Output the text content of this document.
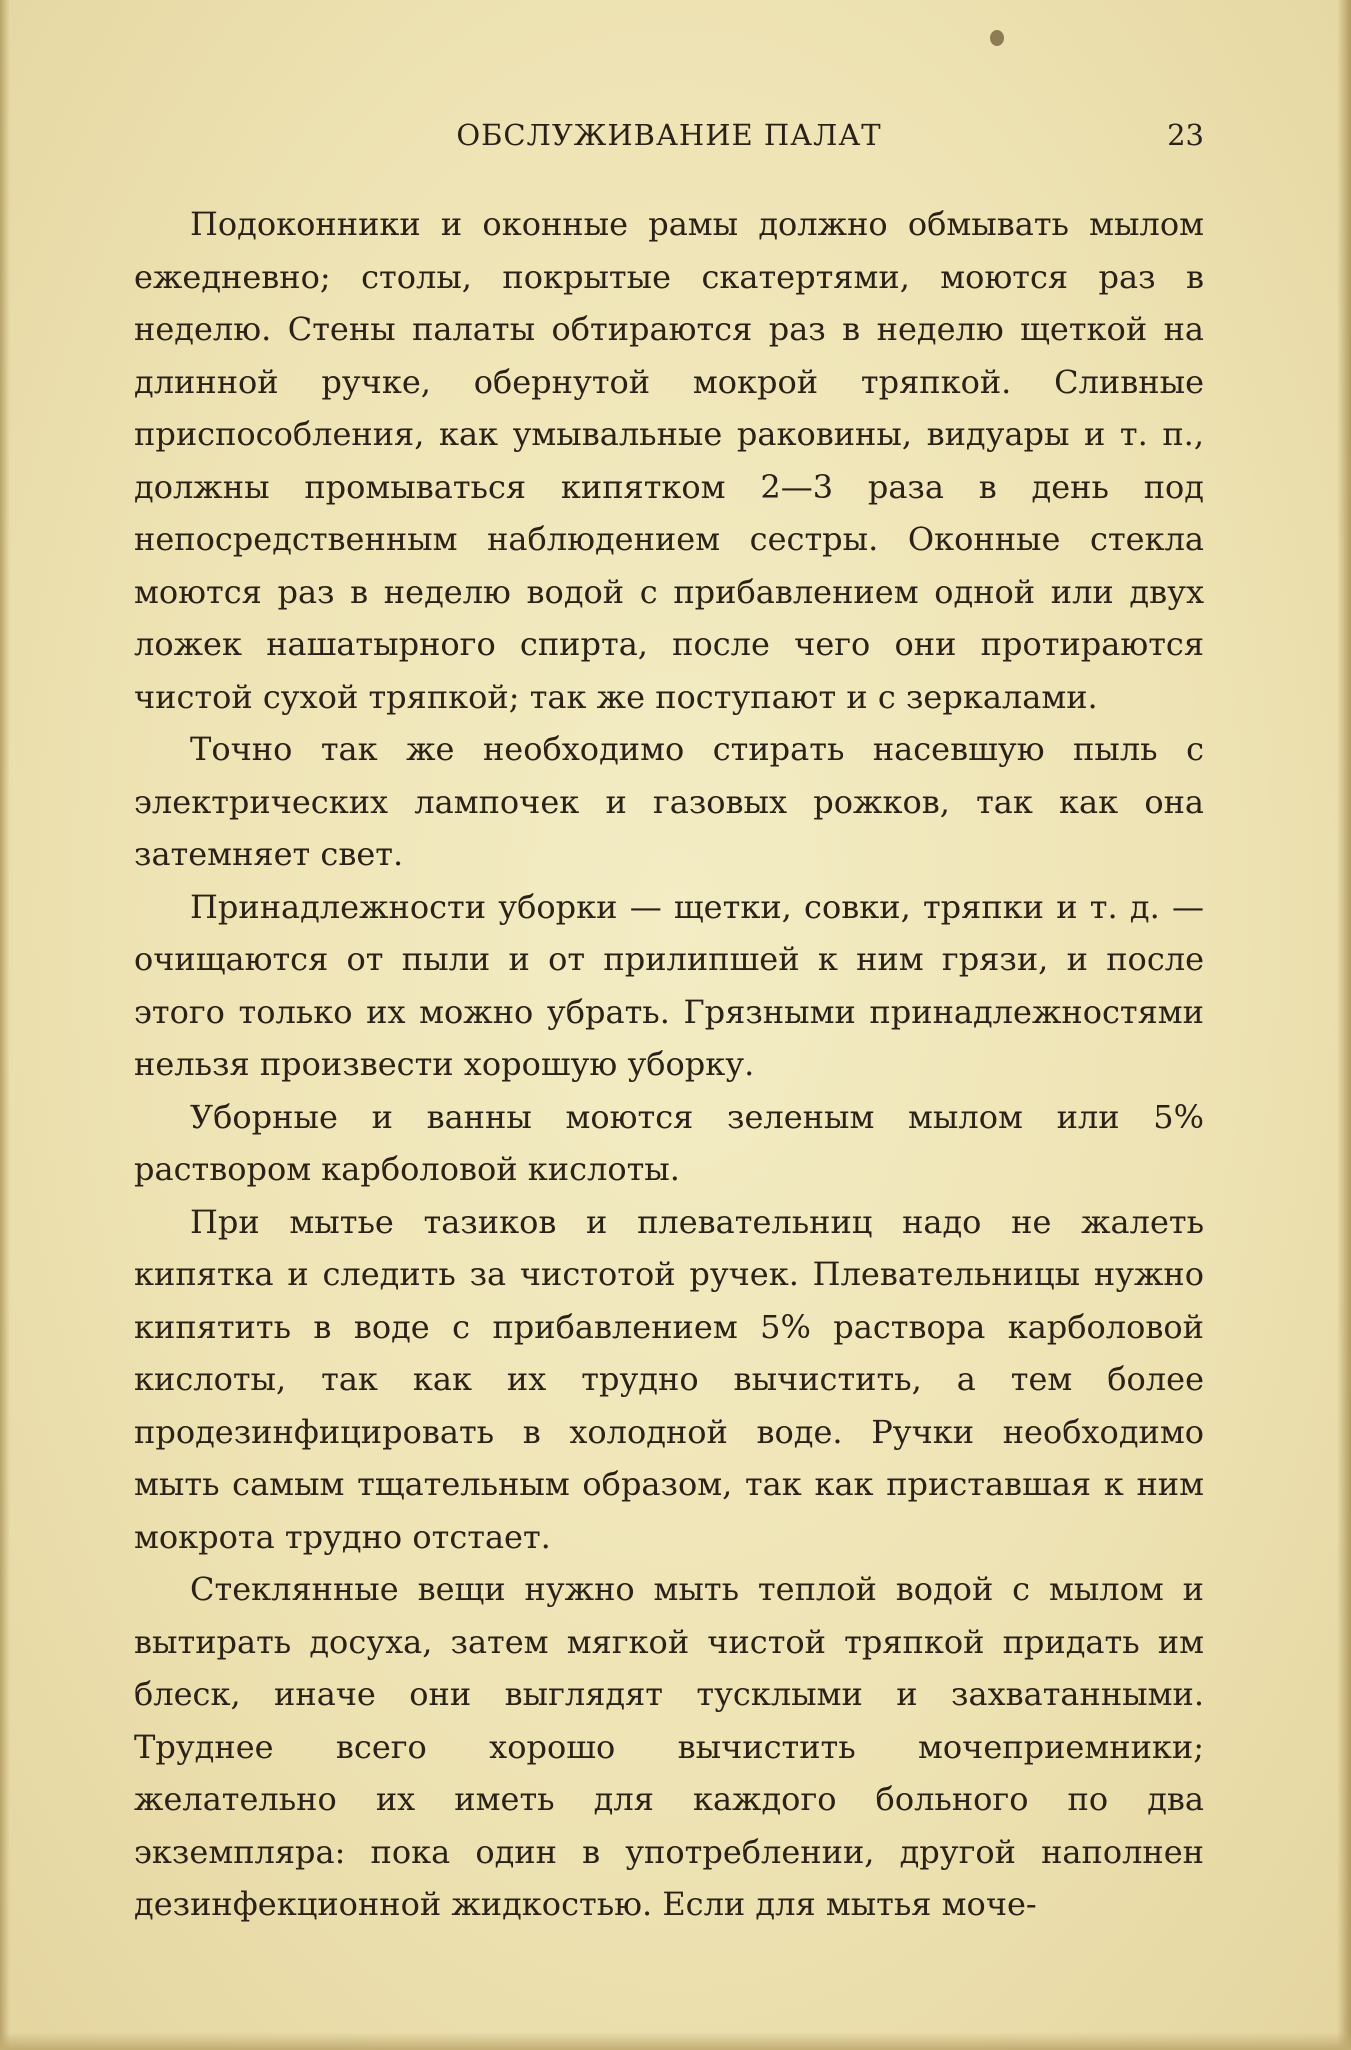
ОБСЛУЖИВАНИЕ ПАЛАТ	23

Подоконники и оконные рамы должно обмывать мылом ежедневно; столы, покрытые скатертями, моются раз в неделю. Стены палаты обтираются раз в неделю щеткой на длинной ручке, обернутой мокрой тряпкой. Сливные приспособления, как умывальные раковины, видуары и т. п., должны промываться кипятком 2—3 раза в день под непосредственным наблюдением сестры. Оконные стекла моются раз в неделю водой с прибавлением одной или двух ложек нашатырного спирта, после чего они протираются чистой сухой тряпкой; так же поступают и с зеркалами.

Точно так же необходимо стирать насевшую пыль с электрических лампочек и газовых рожков, так как она затемняет свет.

Принадлежности уборки — щетки, совки, тряпки и т. д. — очищаются от пыли и от прилипшей к ним грязи, и после этого только их можно убрать. Грязными принадлежностями нельзя произвести хорошую уборку.

Уборные и ванны моются зеленым мылом или 5% раствором карболовой кислоты.

При мытье тазиков и плевательниц надо не жалеть кипятка и следить за чистотой ручек. Плевательницы нужно кипятить в воде с прибавлением 5% раствора карболовой кислоты, так как их трудно вычистить, а тем более продезинфицировать в холодной воде. Ручки необходимо мыть самым тщательным образом, так как приставшая к ним мокрота трудно отстает.

Стеклянные вещи нужно мыть теплой водой с мылом и вытирать досуха, затем мягкой чистой тряпкой придать им блеск, иначе они выглядят тусклыми и захватанными. Труднее всего хорошо вычистить мочеприемники; желательно их иметь для каждого больного по два экземпляра: пока один в употреблении, другой наполнен дезинфекционной жидкостью. Если для мытья моче-
